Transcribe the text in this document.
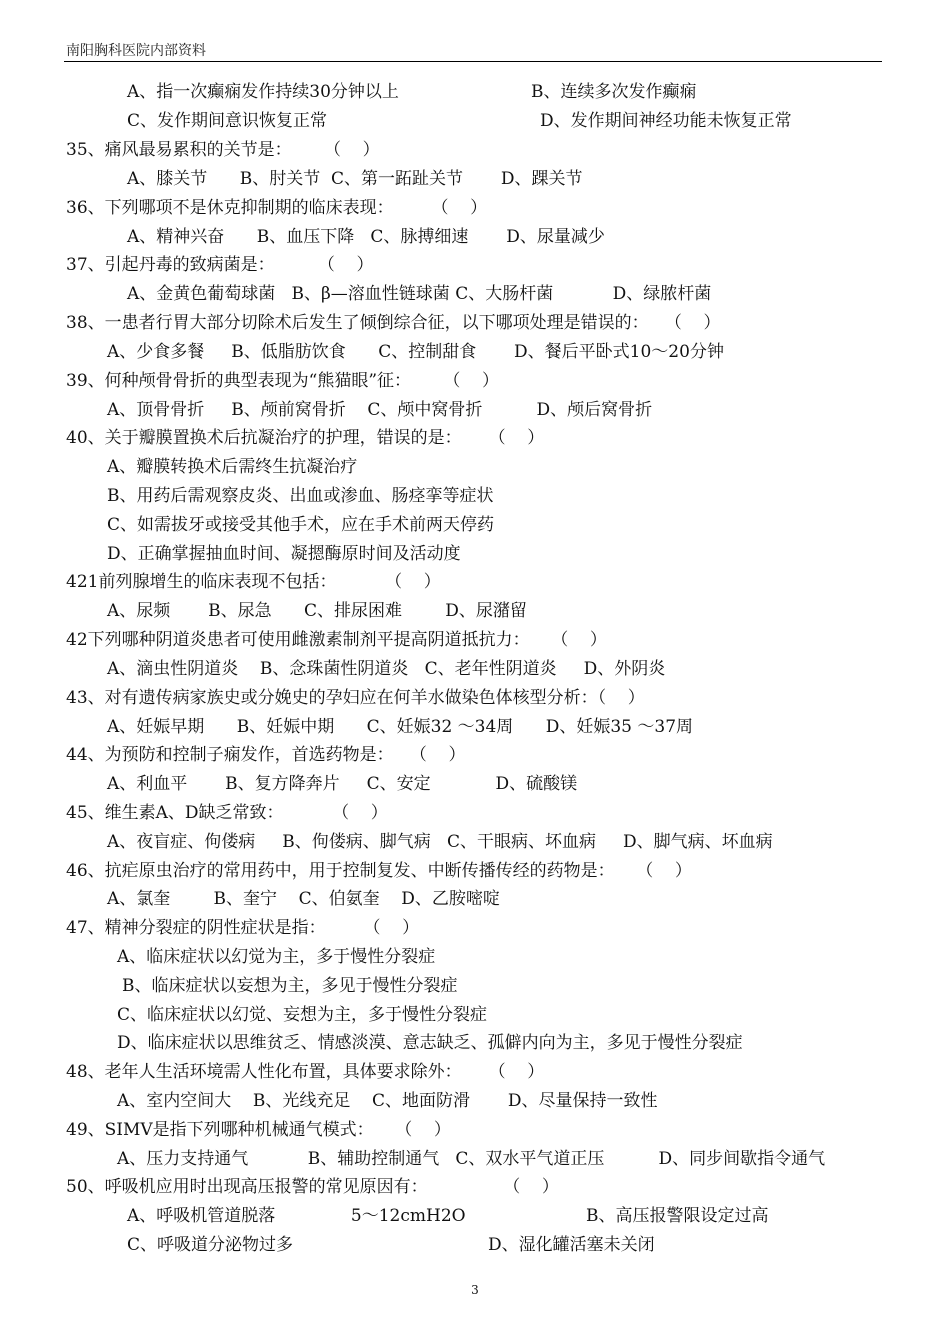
南阳胸科医院内部资料
A、指一次癫痫发作持续30分钟以上	B、连续多次发作癫痫
C、发作期间意识恢复正常	D、发作期间神经功能未恢复正常
35、痛风最易累积的关节是：      （    ）
A、膝关节      B、肘关节  C、第一跖趾关节       D、踝关节
36、下列哪项不是休克抑制期的临床表现：       （    ）
A、精神兴奋      B、血压下降   C、脉搏细速       D、尿量减少
37、引起丹毒的致病菌是：        （    ）
A、金黄色葡萄球菌   B、β—溶血性链球菌 C、大肠杆菌           D、绿脓杆菌
38、一患者行胃大部分切除术后发生了倾倒综合征，以下哪项处理是错误的：   （    ）
A、少食多餐     B、低脂肪饮食      C、控制甜食       D、餐后平卧式10～20分钟
39、何种颅骨骨折的典型表现为“熊猫眼”征：      （    ）
A、顶骨骨折     B、颅前窝骨折    C、颅中窝骨折          D、颅后窝骨折
40、关于瓣膜置换术后抗凝治疗的护理，错误的是：     （    ）
A、瓣膜转换术后需终生抗凝治疗
B、用药后需观察皮炎、出血或渗血、肠痉挛等症状
C、如需拔牙或接受其他手术，应在手术前两天停药
D、正确掌握抽血时间、凝摁酶原时间及活动度
421前列腺增生的临床表现不包括：         （    ）
A、尿频       B、尿急      C、排尿困难        D、尿潴留
42下列哪种阴道炎患者可使用雌激素制剂平提高阴道抵抗力：    （    ）
A、滴虫性阴道炎    B、念珠菌性阴道炎   C、老年性阴道炎     D、外阴炎
43、对有遗传病家族史或分娩史的孕妇应在何羊水做染色体核型分析：（    ）
A、妊娠早期      B、妊娠中期      C、妊娠32 ～34周      D、妊娠35 ～37周
44、为预防和控制子痫发作，首选药物是：   （    ）
A、利血平       B、复方降奔片     C、安定            D、硫酸镁
45、维生素A、D缺乏常致：         （    ）
A、夜盲症、佝偻病     B、佝偻病、脚气病   C、干眼病、坏血病     D、脚气病、坏血病
46、抗疟原虫治疗的常用药中，用于控制复发、中断传播传经的药物是：    （    ）
A、氯奎        B、奎宁    C、伯氨奎    D、乙胺嘧啶
47、精神分裂症的阴性症状是指：       （    ）
A、临床症状以幻觉为主，多于慢性分裂症
B、临床症状以妄想为主，多见于慢性分裂症
C、临床症状以幻觉、妄想为主，多于慢性分裂症
D、临床症状以思维贫乏、情感淡漠、意志缺乏、孤僻内向为主，多见于慢性分裂症
48、老年人生活环境需人性化布置，具体要求除外：     （    ）
A、室内空间大    B、光线充足    C、地面防滑       D、尽量保持一致性
49、SIMV是指下列哪种机械通气模式：    （    ）
A、压力支持通气           B、辅助控制通气   C、双水平气道正压          D、同步间歇指令通气
50、呼吸机应用时出现高压报警的常见原因有：              （    ）
A、呼吸机管道脱落              5～12cmH2O	B、高压报警限设定过高
C、呼吸道分泌物过多	D、湿化罐活塞未关闭
3
